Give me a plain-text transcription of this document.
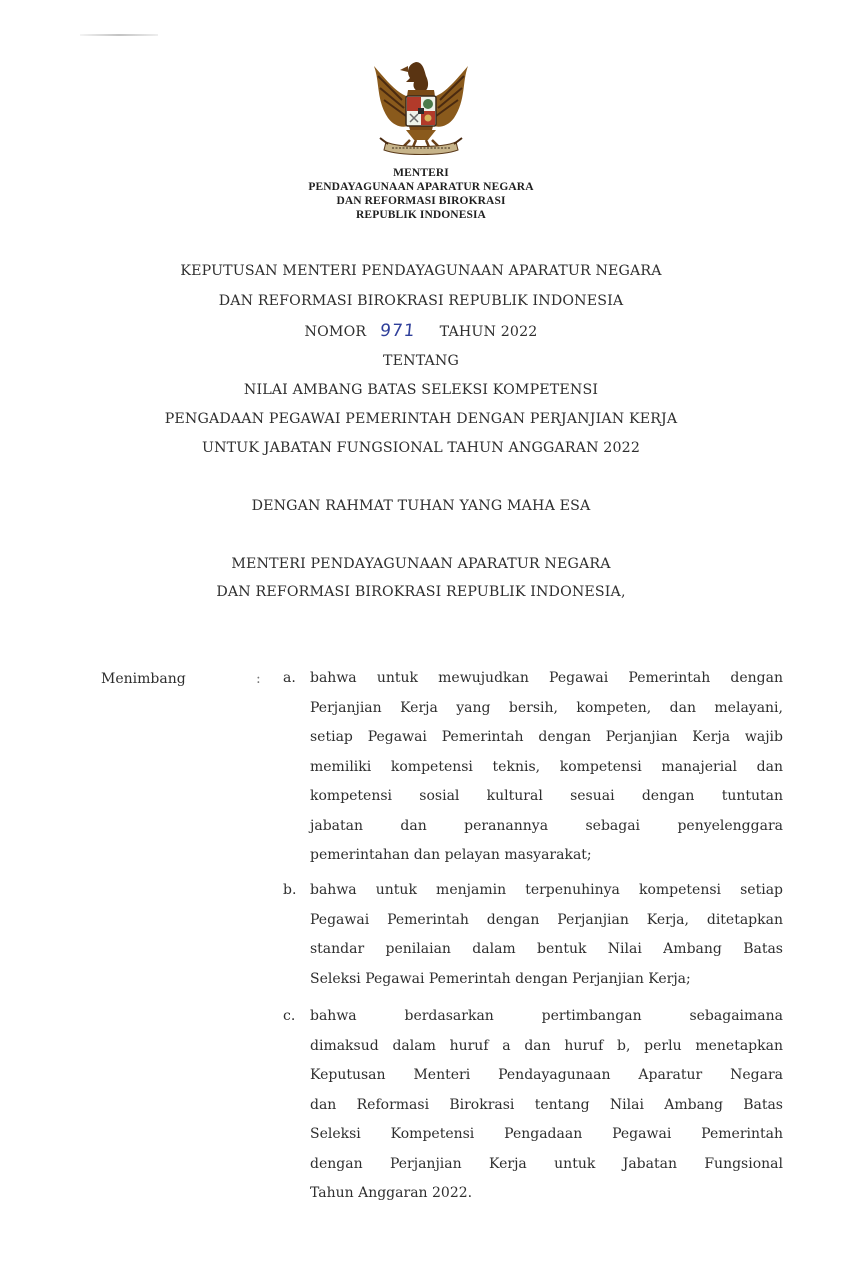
MENTERI
PENDAYAGUNAAN APARATUR NEGARA
DAN REFORMASI BIROKRASI
REPUBLIK INDONESIA
KEPUTUSAN MENTERI PENDAYAGUNAAN APARATUR NEGARA
DAN REFORMASI BIROKRASI REPUBLIK INDONESIA
NOMOR 971 TAHUN 2022
TENTANG
NILAI AMBANG BATAS SELEKSI KOMPETENSI
PENGADAAN PEGAWAI PEMERINTAH DENGAN PERJANJIAN KERJA
UNTUK JABATAN FUNGSIONAL TAHUN ANGGARAN 2022
DENGAN RAHMAT TUHAN YANG MAHA ESA
MENTERI PENDAYAGUNAAN APARATUR NEGARA
DAN REFORMASI BIROKRASI REPUBLIK INDONESIA,
Menimbang	: a. bahwa untuk mewujudkan Pegawai Pemerintah dengan
Perjanjian Kerja yang bersih, kompeten, dan melayani,
setiap Pegawai Pemerintah dengan Perjanjian Kerja wajib
memiliki kompetensi teknis, kompetensi manajerial dan
kompetensi sosial kultural sesuai dengan tuntutan
jabatan dan peranannya sebagai penyelenggara
pemerintahan dan pelayan masyarakat;
b. bahwa untuk menjamin terpenuhinya kompetensi setiap
Pegawai Pemerintah dengan Perjanjian Kerja, ditetapkan
standar penilaian dalam bentuk Nilai Ambang Batas
Seleksi Pegawai Pemerintah dengan Perjanjian Kerja;
c. bahwa berdasarkan pertimbangan sebagaimana
dimaksud dalam huruf a dan huruf b, perlu menetapkan
Keputusan Menteri Pendayagunaan Aparatur Negara
dan Reformasi Birokrasi tentang Nilai Ambang Batas
Seleksi Kompetensi Pengadaan Pegawai Pemerintah
dengan Perjanjian Kerja untuk Jabatan Fungsional
Tahun Anggaran 2022.
